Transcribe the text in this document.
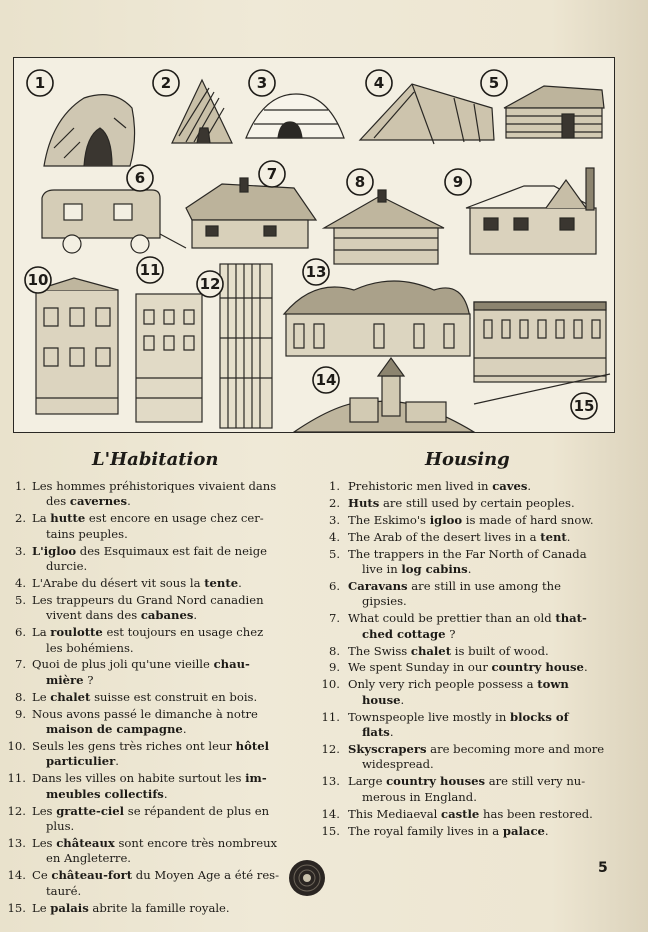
1	2	3	4	5
6	7	8	9
10
11
12
13
14
15
L'Habitation	Housing
1. Les hommes préhistoriques vivaient dans
des cavernes.
2. La hutte est encore en usage chez cer-
tains peuples.
3. L'igloo des Esquimaux est fait de neige
durcie.
4. L'Arabe du désert vit sous la tente.
5. Les trappeurs du Grand Nord canadien
vivent dans des cabanes.
6. La roulotte est toujours en usage chez
les bohémiens.
7. Quoi de plus joli qu'une vieille chau-
mière ?
8. Le chalet suisse est construit en bois.
9. Nous avons passé le dimanche à notre
maison de campagne.
10. Seuls les gens très riches ont leur hôtel
particulier.
11. Dans les villes on habite surtout les im-
meubles collectifs.
12. Les gratte-ciel se répandent de plus en
plus.
13. Les châteaux sont encore très nombreux
en Angleterre.
14. Ce château-fort du Moyen Age a été res-
tauré.
15. Le palais abrite la famille royale.
1. Prehistoric men lived in caves.
2. Huts are still used by certain peoples.
3. The Eskimo's igloo is made of hard snow.
4. The Arab of the desert lives in a tent.
5. The trappers in the Far North of Canada
live in log cabins.
6. Caravans are still in use among the
gipsies.
7. What could be prettier than an old that-
ched cottage ?
8. The Swiss chalet is built of wood.
9. We spent Sunday in our country house.
10. Only very rich people possess a town
house.
11. Townspeople live mostly in blocks of
flats.
12. Skyscrapers are becoming more and more
widespread.
13. Large country houses are still very nu-
merous in England.
14. This Mediaeval castle has been restored.
15. The royal family lives in a palace.
5
